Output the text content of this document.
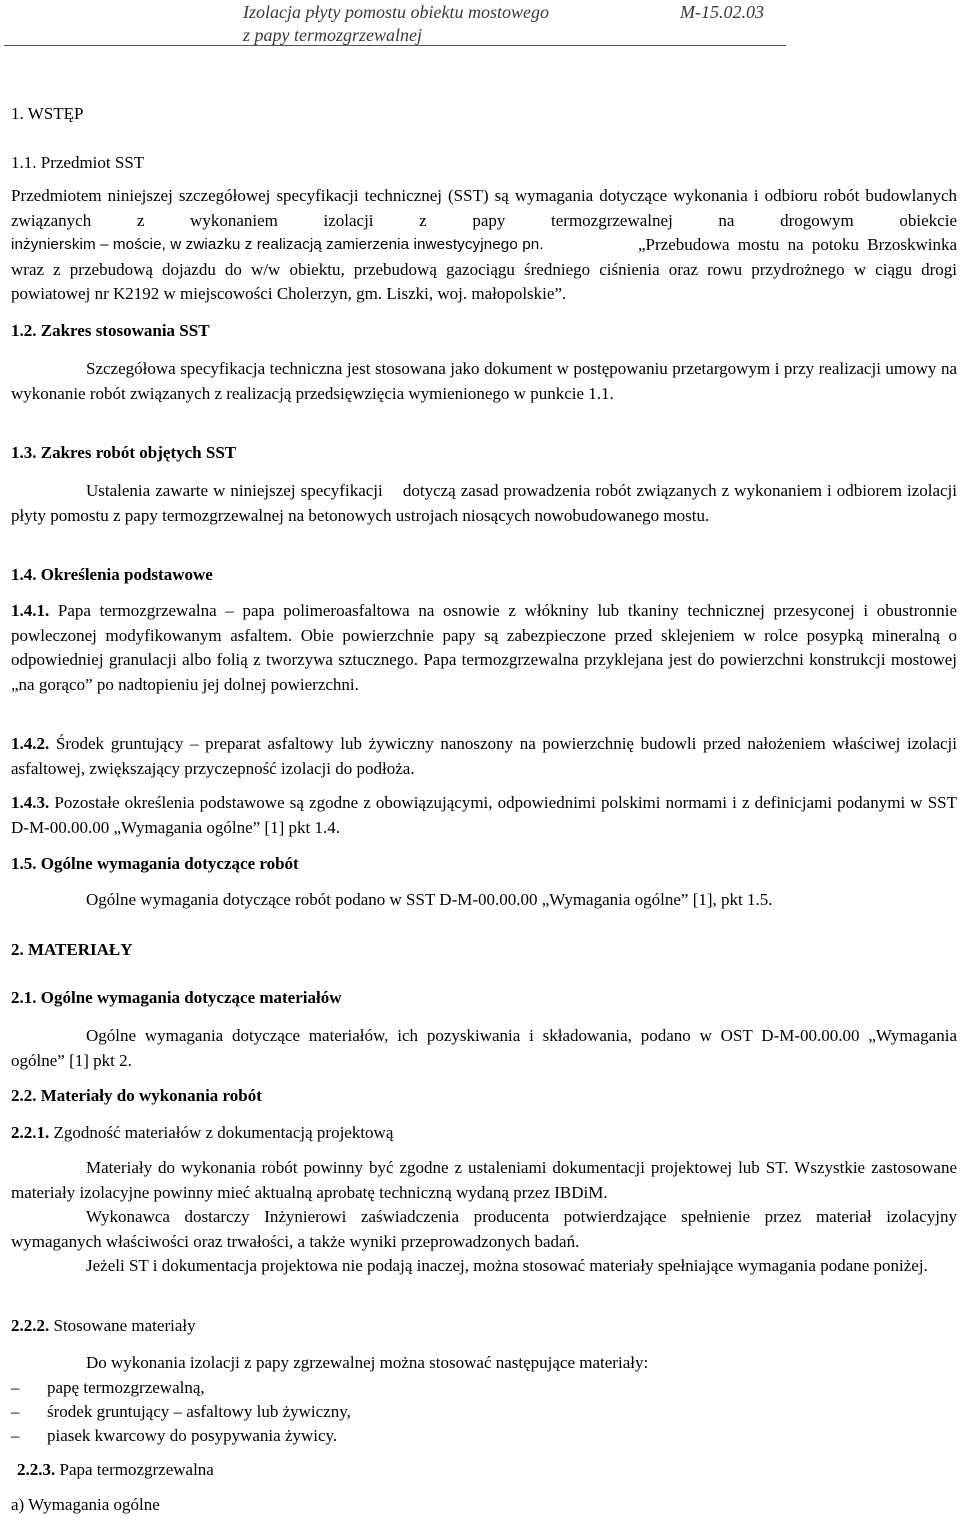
Izolacja płyty pomostu obiektu mostowego	M-15.02.03
z papy termozgrzewalnej
1. WSTĘP
1.1. Przedmiot SST
Przedmiotem niniejszej szczegółowej specyfikacji technicznej (SST) są wymagania dotyczące wykonania i odbioru robót budowlanych związanych z wykonaniem izolacji z papy termozgrzewalnej na drogowym obiekcie
inżynierskim – moście, w zwiazku z realizacją zamierzenia inwestycyjnego pn.	„Przebudowa mostu na potoku Brzoskwinka wraz z przebudową dojazdu do w/w obiektu, przebudową gazociągu średniego ciśnienia oraz rowu przydrożnego w ciągu drogi powiatowej nr K2192 w miejscowości Cholerzyn, gm. Liszki, woj. małopolskie”.
1.2. Zakres stosowania SST
Szczegółowa specyfikacja techniczna jest stosowana jako dokument w postępowaniu przetargowym i przy realizacji umowy na wykonanie robót związanych z realizacją przedsięwzięcia wymienionego w punkcie 1.1.
1.3. Zakres robót objętych SST
Ustalenia zawarte w niniejszej specyfikacji    dotyczą zasad prowadzenia robót związanych z wykonaniem i odbiorem izolacji płyty pomostu z papy termozgrzewalnej na betonowych ustrojach niosących nowobudowanego mostu.
1.4. Określenia podstawowe
1.4.1. Papa termozgrzewalna – papa polimeroasfaltowa na osnowie z włókniny lub tkaniny technicznej przesyconej i obustronnie powleczonej modyfikowanym asfaltem. Obie powierzchnie papy są zabezpieczone przed sklejeniem w rolce posypką mineralną o odpowiedniej granulacji albo folią z tworzywa sztucznego. Papa termozgrzewalna przyklejana jest do powierzchni konstrukcji mostowej „na gorąco” po nadtopieniu jej dolnej powierzchni.
1.4.2. Środek gruntujący – preparat asfaltowy lub żywiczny nanoszony na powierzchnię budowli przed nałożeniem właściwej izolacji asfaltowej, zwiększający przyczepność izolacji do podłoża.
1.4.3. Pozostałe określenia podstawowe są zgodne z obowiązującymi, odpowiednimi polskimi normami i z definicjami podanymi w SST D-M-00.00.00 „Wymagania ogólne” [1] pkt 1.4.
1.5. Ogólne wymagania dotyczące robót
Ogólne wymagania dotyczące robót podano w SST D-M-00.00.00 „Wymagania ogólne” [1], pkt 1.5.
2. MATERIAŁY
2.1. Ogólne wymagania dotyczące materiałów
Ogólne wymagania dotyczące materiałów, ich pozyskiwania i składowania, podano w OST D-M-00.00.00 „Wymagania ogólne” [1] pkt 2.
2.2. Materiały do wykonania robót
2.2.1. Zgodność materiałów z dokumentacją projektową
Materiały do wykonania robót powinny być zgodne z ustaleniami dokumentacji projektowej lub ST. Wszystkie zastosowane materiały izolacyjne powinny mieć aktualną aprobatę techniczną wydaną przez IBDiM.
Wykonawca dostarczy Inżynierowi zaświadczenia producenta potwierdzające spełnienie przez materiał izolacyjny wymaganych właściwości oraz trwałości, a także wyniki przeprowadzonych badań.
Jeżeli ST i dokumentacja projektowa nie podają inaczej, można stosować materiały spełniające wymagania podane poniżej.
2.2.2. Stosowane materiały
Do wykonania izolacji z papy zgrzewalnej można stosować następujące materiały:
– papę termozgrzewalną,
– środek gruntujący – asfaltowy lub żywiczny,
– piasek kwarcowy do posypywania żywicy.
2.2.3. Papa termozgrzewalna
a) Wymagania ogólne
